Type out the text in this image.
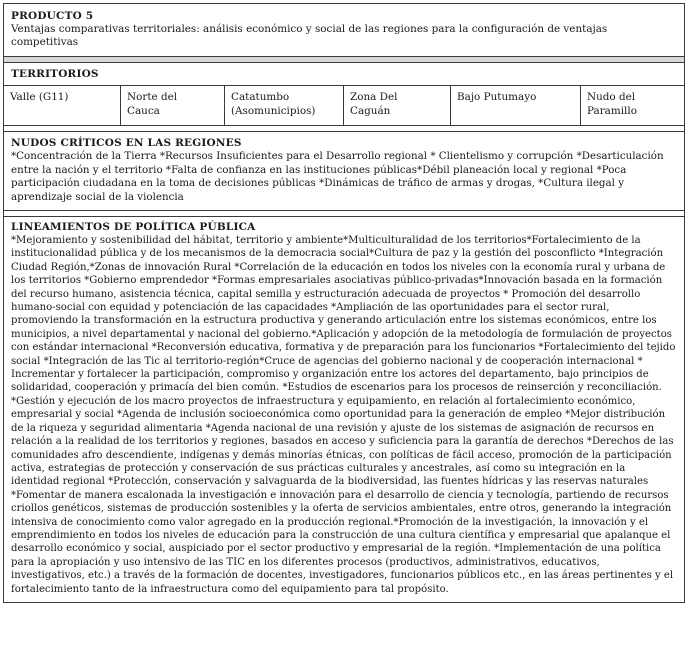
PRODUCTO 5
Ventajas comparativas territoriales: análisis económico y social de las regiones para la configuración de ventajas competitivas
TERRITORIOS
Valle (G11)	Norte del Cauca
Catatumbo (Asomunicipios)
Zona Del Caguán
Bajo Putumayo	Nudo del Paramillo
NUDOS CRÍTICOS EN LAS REGIONES
*Concentración de la Tierra *Recursos Insuficientes para el Desarrollo regional * Clientelismo y corrupción *Desarticulación entre la nación y el territorio *Falta de confianza en las instituciones públicas*Débil planeación local y regional *Poca participación ciudadana en la toma de decisiones públicas *Dinámicas de tráfico de armas y drogas, *Cultura ilegal y aprendizaje social de la violencia
LINEAMIENTOS DE POLÍTICA PÚBLICA
*Mejoramiento y sostenibilidad del hábitat, territorio y ambiente*Multiculturalidad de los territorios*Fortalecimiento de la institucionalidad pública y de los mecanismos de la democracia social*Cultura de paz y la gestión del posconflicto *Integración Ciudad Región,*Zonas de innovación Rural *Correlación de la educación en todos los niveles con la economía rural y urbana de los territorios *Gobierno emprendedor *Formas empresariales asociativas público-privadas*Innovación basada en la formación del recurso humano, asistencia técnica, capital semilla y estructuración adecuada de proyectos * Promoción del desarrollo humano-social con equidad y potenciación de las capacidades *Ampliación de las oportunidades para el sector rural, promoviendo la transformación en la estructura productiva y generando articulación entre los sistemas económicos, entre los municipios, a nivel departamental y nacional del gobierno.*Aplicación y adopción de la metodología de formulación de proyectos con estándar internacional *Reconversión educativa, formativa y de preparación para los funcionarios *Fortalecimiento del tejido social *Integración de las Tic al territorio-región*Cruce de agencias del gobierno nacional y de cooperación internacional * Incrementar y fortalecer la participación, compromiso y organización entre los actores del departamento, bajo principios de solidaridad, cooperación y primacía del bien común. *Estudios de escenarios para los procesos de reinserción y reconciliación. *Gestión y ejecución de los macro proyectos de infraestructura y equipamiento, en relación al fortalecimiento económico, empresarial y social *Agenda de inclusión socioeconómica como oportunidad para la generación de empleo *Mejor distribución de la riqueza y seguridad alimentaria *Agenda nacional de una revisión y ajuste de los sistemas de asignación de recursos en relación a la realidad de los territorios y regiones, basados en acceso y suficiencia para la garantía de derechos *Derechos de las comunidades afro descendiente, indígenas y demás minorías étnicas, con políticas de fácil acceso, promoción de la participación activa, estrategias de protección y conservación de sus prácticas culturales y ancestrales, así como su integración en la identidad regional *Protección, conservación y salvaguarda de la biodiversidad, las fuentes hídricas y las reservas naturales *Fomentar de manera escalonada la investigación e innovación para el desarrollo de ciencia y tecnología, partiendo de recursos criollos genéticos, sistemas de producción sostenibles y la oferta de servicios ambientales, entre otros, generando la integración intensiva de conocimiento como valor agregado en la producción regional.*Promoción de la investigación, la innovación y el emprendimiento en todos los niveles de educación para la construcción de una cultura científica y empresarial que apalanque el desarrollo económico y social, auspiciado por el sector productivo y empresarial de la región. *Implementación de una política para la apropiación y uso intensivo de las TIC en los diferentes procesos (productivos, administrativos, educativos, investigativos, etc.) a través de la formación de docentes, investigadores, funcionarios públicos etc., en las áreas pertinentes y el fortalecimiento tanto de la infraestructura como del equipamiento para tal propósito.
